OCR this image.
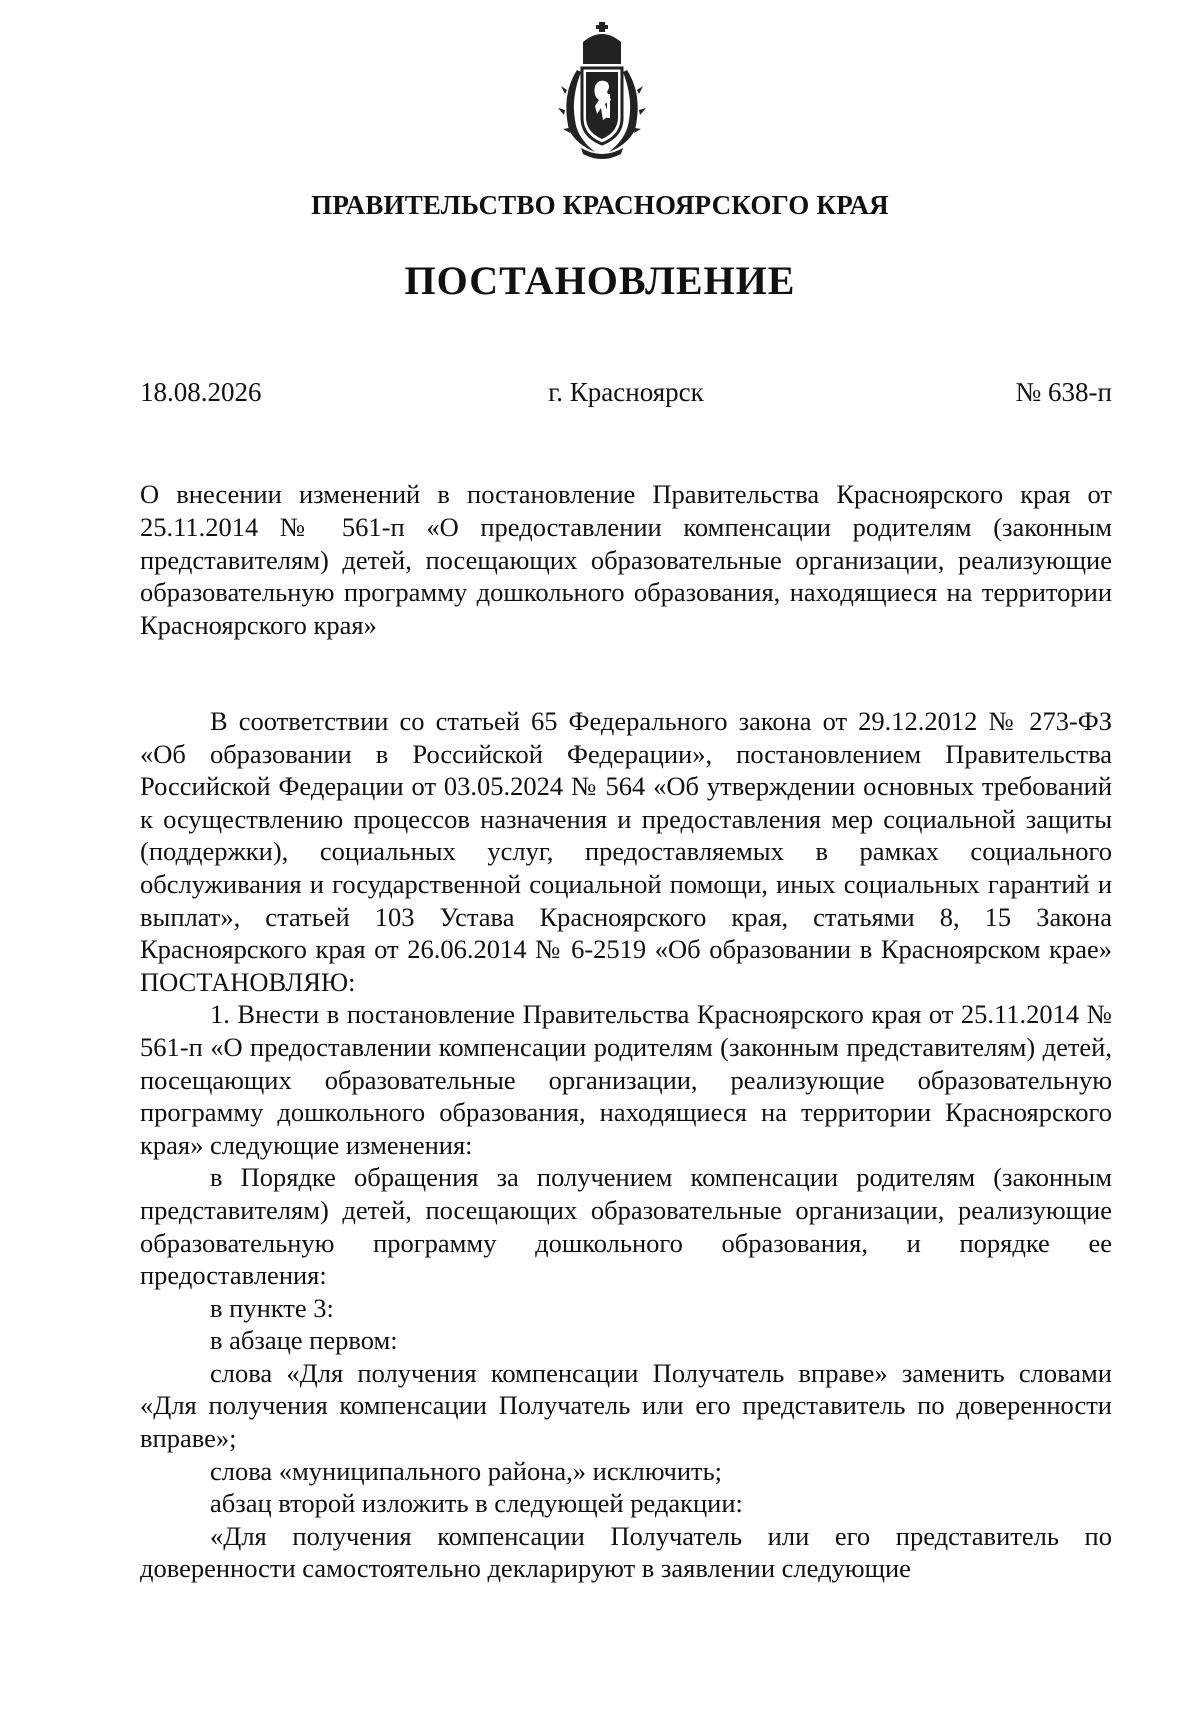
ПРАВИТЕЛЬСТВО КРАСНОЯРСКОГО КРАЯ
ПОСТАНОВЛЕНИЕ
г. Красноярск
18.08.2026	№ 638-п
О внесении изменений в постановление Правительства Красноярского края от 25.11.2014 № 561-п «О предоставлении компенсации родителям (законным представителям) детей, посещающих образовательные организации, реализующие образовательную программу дошкольного образования, находящиеся на территории Красноярского края»

В соответствии со статьей 65 Федерального закона от 29.12.2012 № 273-ФЗ «Об образовании в Российской Федерации», постановлением Правительства Российской Федерации от 03.05.2024 № 564 «Об утверждении основных требований к осуществлению процессов назначения и предоставлeния мер социальной защиты (поддержки), социальных услуг, предоставляемых в рамках социального обслуживания и государственной социальной помощи, иных социальных гарантий и выплат», статьей 103 Устава Красноярского края, статьями 8, 15 Закона Красноярского края от 26.06.2014 № 6-2519 «Об образовании в Красноярском крае» ПОСТАНОВЛЯЮ:

1. Внести в постановление Правительства Красноярского края от 25.11.2014 № 561-п «О предоставлении компенсации родителям (законным представителям) детей, посещающих образовательные организации, реализующие образовательную программу дошкольного образования, находящиеся на территории Красноярского края» следующие изменения:

в Порядке обращения за получением компенсации родителям (законным представителям) детей, посещающих образовательные организации, реализующие образовательную программу дошкольного образования, и порядке ее предоставления:

в пункте 3:

в абзаце первом:

слова «Для получения компенсации Получатель вправе» заменить словами «Для получения компенсации Получатель или его представитель по доверенности вправе»;

слова «муниципального района,» исключить;

абзац второй изложить в следующей редакции:

«Для получения компенсации Получатель или его представитель по доверенности самостоятельно декларируют в заявлении следующие
